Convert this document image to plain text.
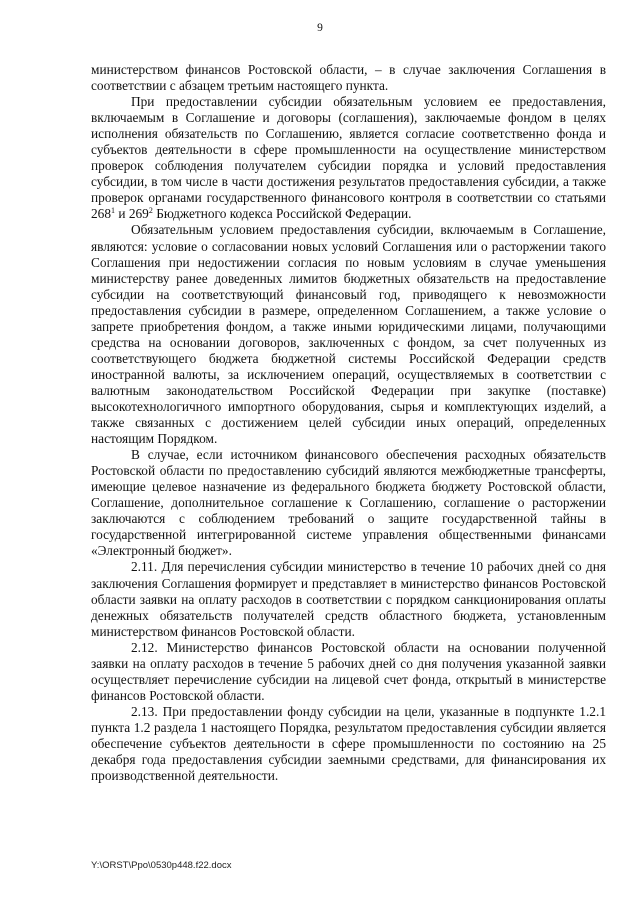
9

министерством финансов Ростовской области, – в случае заключения Соглашения в соответствии с абзацем третьим настоящего пункта.

При предоставлении субсидии обязательным условием ее предоставления, включаемым в Соглашение и договоры (соглашения), заключаемые фондом в целях исполнения обязательств по Соглашению, является согласие соответственно фонда и субъектов деятельности в сфере промышленности на осуществление министерством проверок соблюдения получателем субсидии порядка и условий предоставления субсидии, в том числе в части достижения результатов предоставления субсидии, а также проверок органами государственного финансового контроля в соответствии со статьями $268^1$ и $269^2$ Бюджетного кодекса Российской Федерации.

Обязательным условием предоставления субсидии, включаемым в Соглашение, являются: условие о согласовании новых условий Соглашения или о расторжении такого Соглашения при недостижении согласия по новым условиям в случае уменьшения министерству ранее доведенных лимитов бюджетных обязательств на предоставление субсидии на соответствующий финансовый год, приводящего к невозможности предоставления субсидии в размере, определенном Соглашением, а также условие о запрете приобретения фондом, а также иными юридическими лицами, получающими средства на основании договоров, заключенных с фондом, за счет полученных из соответствующего бюджета бюджетной системы Российской Федерации средств иностранной валюты, за исключением операций, осуществляемых в соответствии с валютным законодательством Российской Федерации при закупке (поставке) высокотехнологичного импортного оборудования, сырья и комплектующих изделий, а также связанных с достижением целей субсидии иных операций, определенных настоящим Порядком.

В случае, если источником финансового обеспечения расходных обязательств Ростовской области по предоставлению субсидий являются межбюджетные трансферты, имеющие целевое назначение из федерального бюджета бюджету Ростовской области, Соглашение, дополнительное соглашение к Соглашению, соглашение о расторжении заключаются с соблюдением требований о защите государственной тайны в государственной интегрированной системе управления общественными финансами «Электронный бюджет».

2.11. Для перечисления субсидии министерство в течение 10 рабочих дней со дня заключения Соглашения формирует и представляет в министерство финансов Ростовской области заявки на оплату расходов в соответствии с порядком санкционирования оплаты денежных обязательств получателей средств областного бюджета, установленным министерством финансов Ростовской области.

2.12. Министерство финансов Ростовской области на основании полученной заявки на оплату расходов в течение 5 рабочих дней со дня получения указанной заявки осуществляет перечисление субсидии на лицевой счет фонда, открытый в министерстве финансов Ростовской области.

2.13. При предоставлении фонду субсидии на цели, указанные в подпункте 1.2.1 пункта 1.2 раздела 1 настоящего Порядка, результатом предоставления субсидии является обеспечение субъектов деятельности в сфере промышленности по состоянию на 25 декабря года предоставления субсидии заемными средствами, для финансирования их производственной деятельности.

Y:\ORST\Ppo\0530p448.f22.docx
